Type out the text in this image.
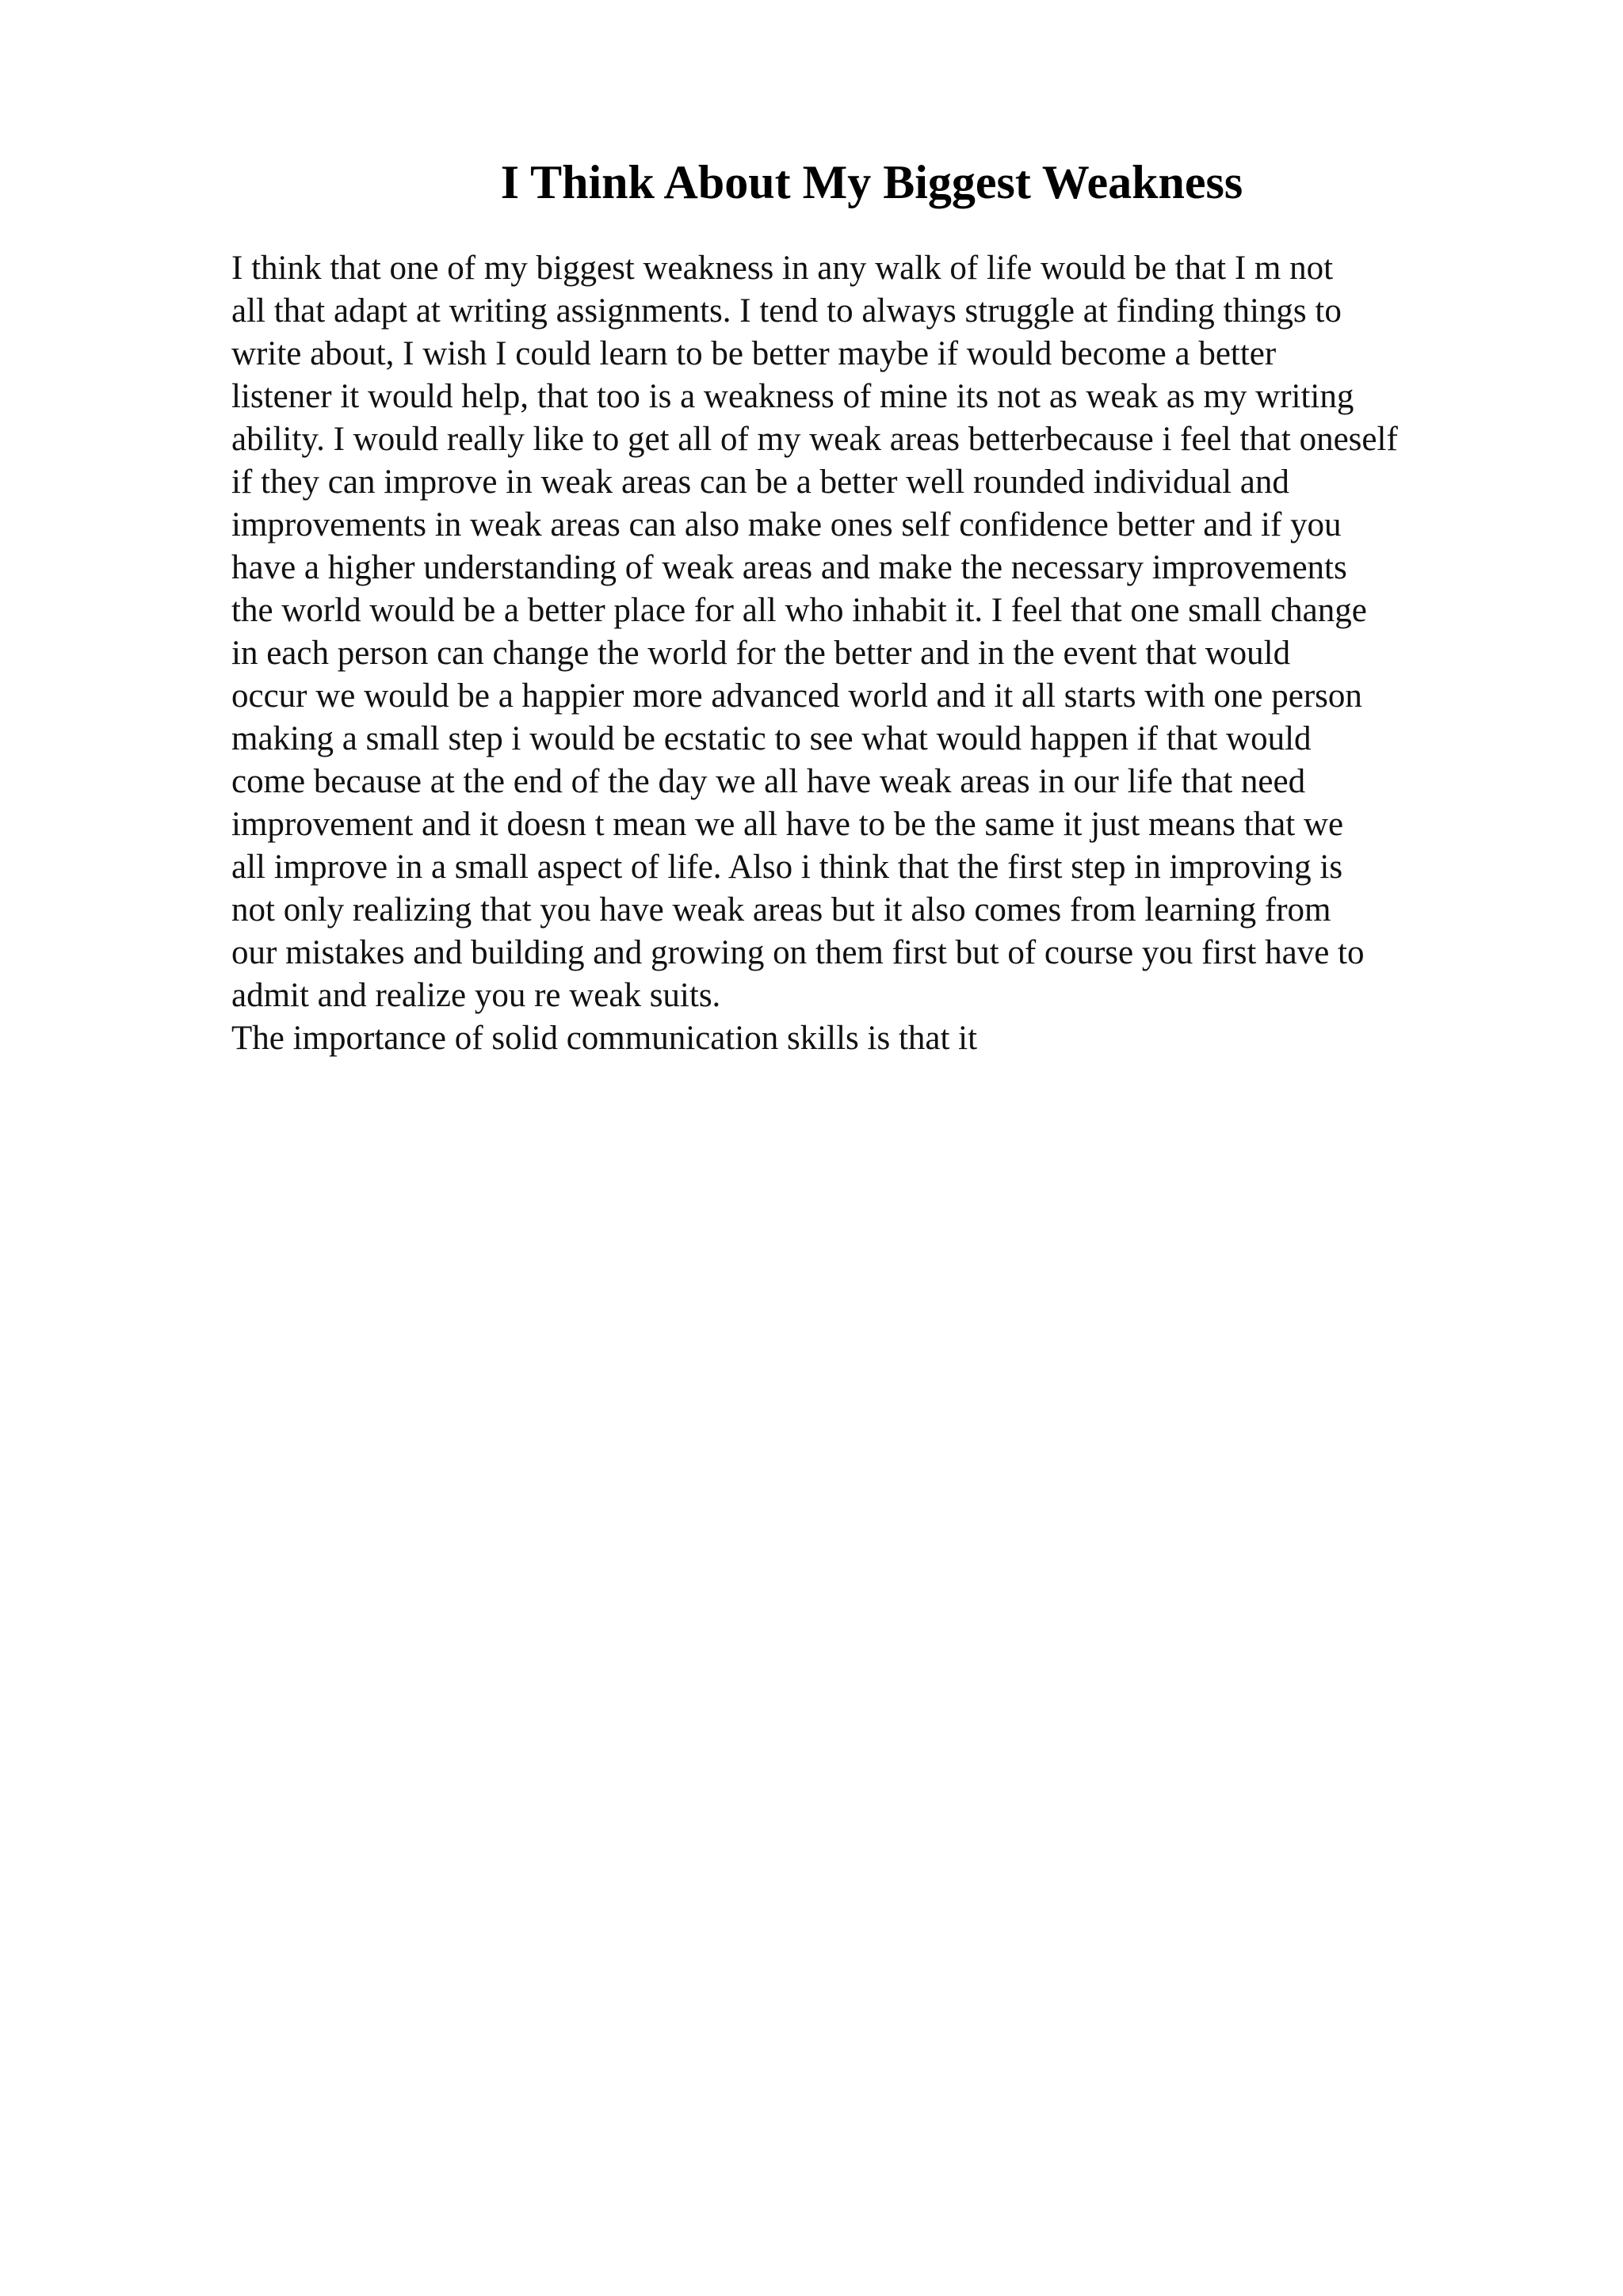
I Think About My Biggest Weakness
I think that one of my biggest weakness in any walk of life would be that I m not
all that adapt at writing assignments. I tend to always struggle at finding things to
write about, I wish I could learn to be better maybe if would become a better
listener it would help, that too is a weakness of mine its not as weak as my writing
ability. I would really like to get all of my weak areas betterbecause i feel that oneself
if they can improve in weak areas can be a better well rounded individual and
improvements in weak areas can also make ones self confidence better and if you
have a higher understanding of weak areas and make the necessary improvements
the world would be a better place for all who inhabit it. I feel that one small change
in each person can change the world for the better and in the event that would
occur we would be a happier more advanced world and it all starts with one person
making a small step i would be ecstatic to see what would happen if that would
come because at the end of the day we all have weak areas in our life that need
improvement and it doesn t mean we all have to be the same it just means that we
all improve in a small aspect of life. Also i think that the first step in improving is
not only realizing that you have weak areas but it also comes from learning from
our mistakes and building and growing on them first but of course you first have to
admit and realize you re weak suits.
The importance of solid communication skills is that it
